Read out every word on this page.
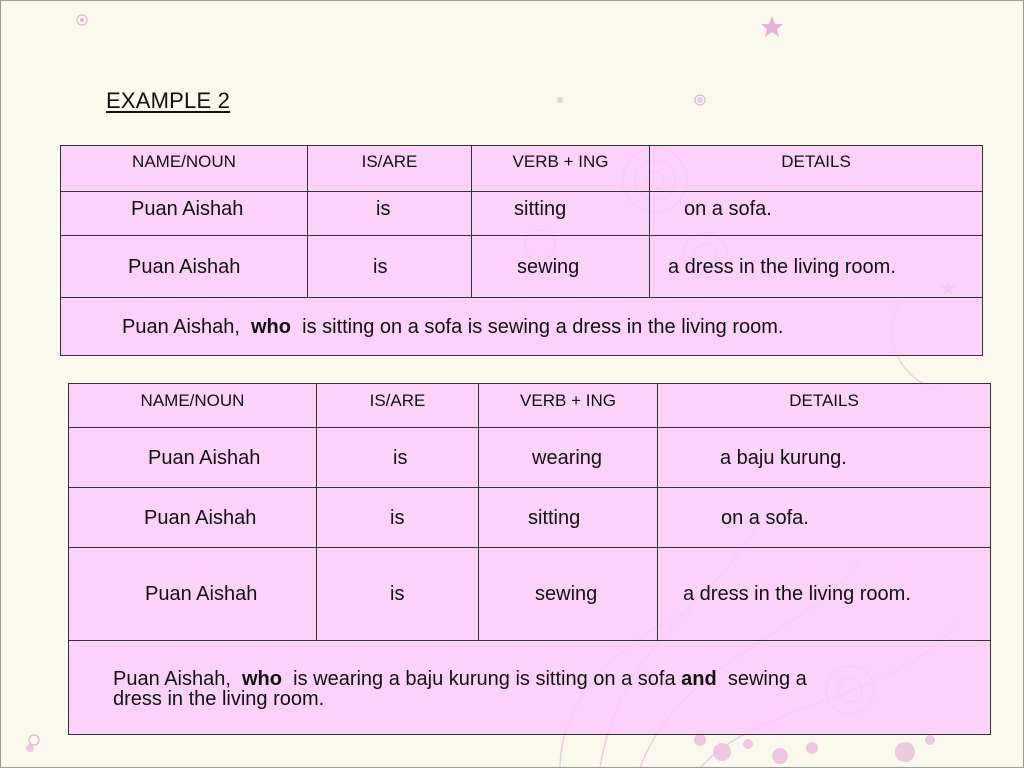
EXAMPLE 2
NAME/NOUN	IS/ARE	VERB + ING	DETAILS
Puan Aishah	is	sitting	on a sofa.
Puan Aishah	is	sewing	a dress in the living room.
Puan Aishah, who is sitting on a sofa is sewing a dress in the living room.			
NAME/NOUN	IS/ARE	VERB + ING	DETAILS
Puan Aishah	is	wearing	a baju kurung.
Puan Aishah	is	sitting	on a sofa.
Puan Aishah	is	sewing	a dress in the living room.
Puan Aishah, who is wearing a baju kurung is sitting on a sofa and sewing a
dress in the living room.			
